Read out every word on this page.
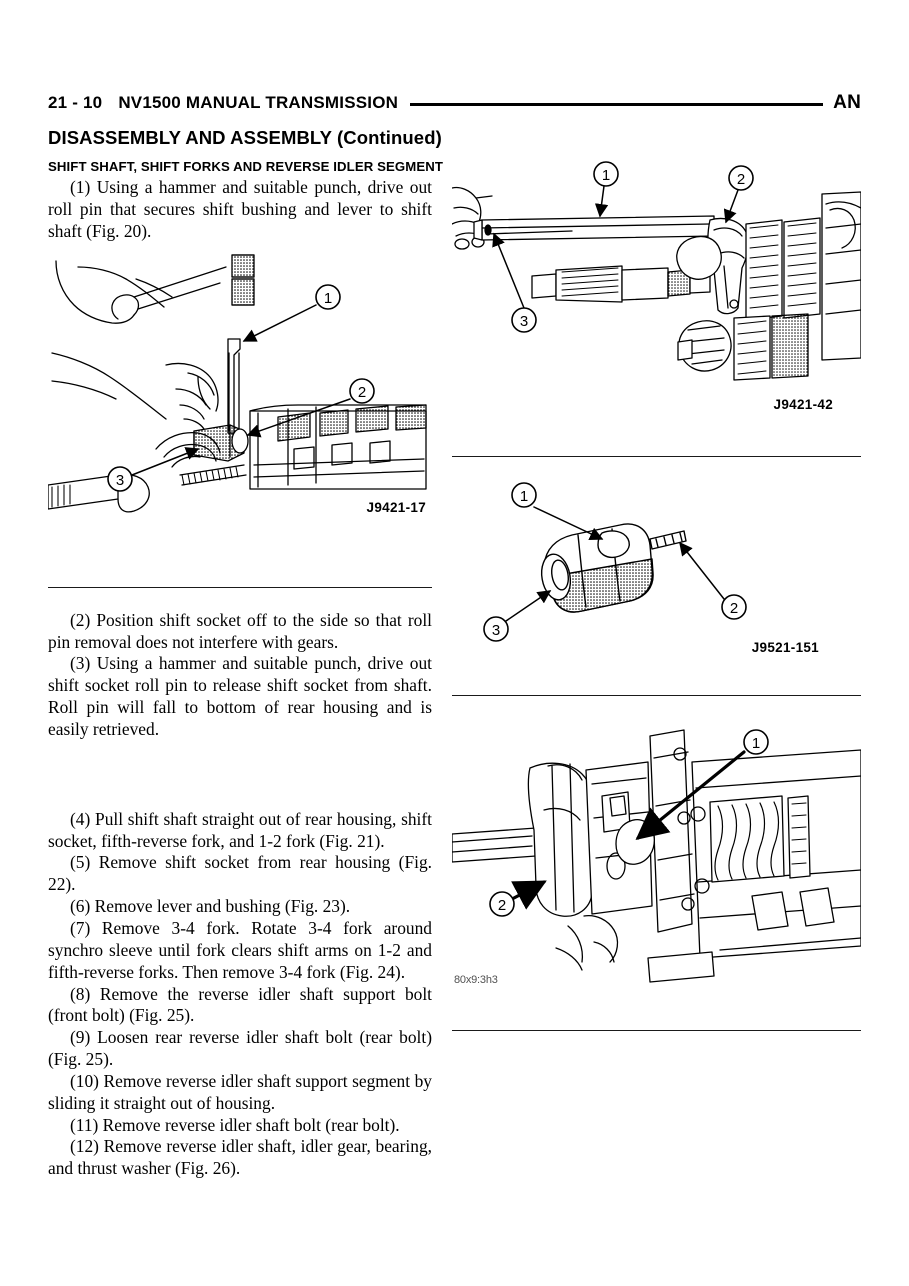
21 - 10 NV1500 MANUAL TRANSMISSION	AN
DISASSEMBLY AND ASSEMBLY (Continued)
SHIFT SHAFT, SHIFT FORKS AND REVERSE IDLER SEGMENT

(1) Using a hammer and suitable punch, drive out roll pin that secures shift bushing and lever to shift shaft (Fig. 20).

1
2
3
J9421-17

(2) Position shift socket off to the side so that roll pin removal does not interfere with gears.

(3) Using a hammer and suitable punch, drive out shift socket roll pin to release shift socket from shaft. Roll pin will fall to bottom of rear housing and is easily retrieved.

(4) Pull shift shaft straight out of rear housing, shift socket, fifth-reverse fork, and 1-2 fork (Fig. 21).

(5) Remove shift socket from rear housing (Fig. 22).

(6) Remove lever and bushing (Fig. 23).

(7) Remove 3-4 fork. Rotate 3-4 fork around synchro sleeve until fork clears shift arms on 1-2 and fifth-reverse forks. Then remove 3-4 fork (Fig. 24).

(8) Remove the reverse idler shaft support bolt (front bolt) (Fig. 25).

(9) Loosen rear reverse idler shaft bolt (rear bolt) (Fig. 25).

(10) Remove reverse idler shaft support segment by sliding it straight out of housing.

(11) Remove reverse idler shaft bolt (rear bolt).

(12) Remove reverse idler shaft, idler gear, bearing, and thrust washer (Fig. 26).

1	2
3
J9421-42
1
2
3
J9521-151
1
2
80x9:3h3
